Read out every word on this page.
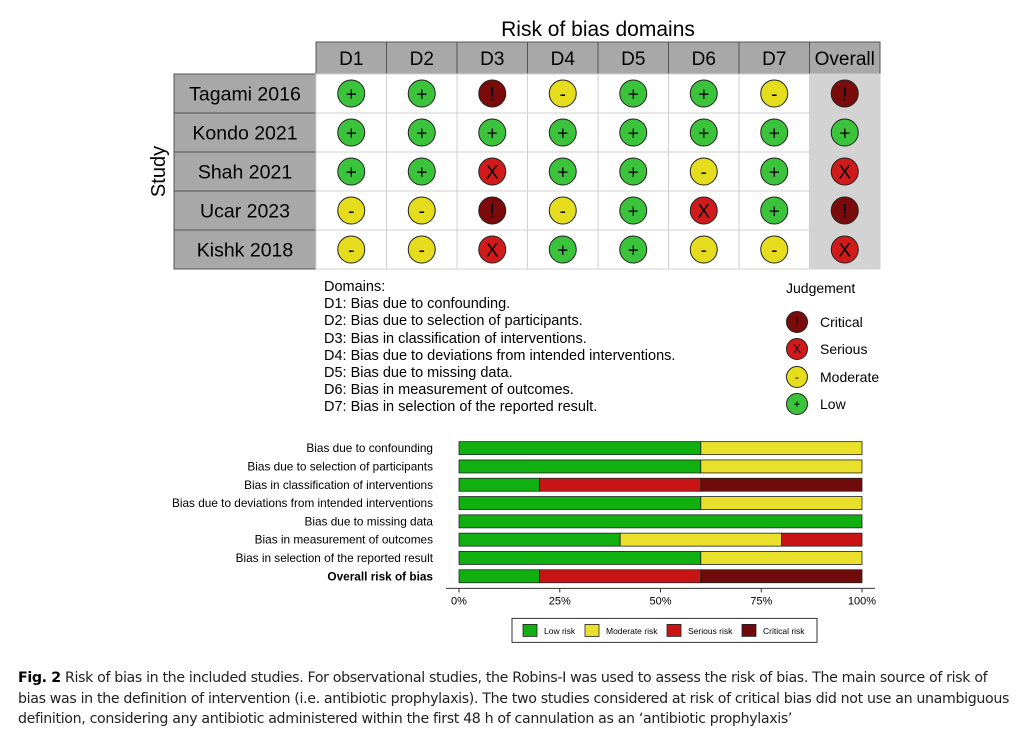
Risk of bias domains
Study
D1 D2 D3 D4 D5 D6 D7 Overall
Tagami 2016 +	+	!	-	+	+	-	!
Kondo 2021	+	+	+	+	+	+	+	+
Shah 2021	+	+	X	+	+	-	+	X
Ucar 2023	-	-	!	-	+	X	+	!
Kishk 2018	-	-	X	+	+	-	-	X
Domains:
D1: Bias due to confounding.
D2: Bias due to selection of participants.
D3: Bias in classification of interventions.
D4: Bias due to deviations from intended interventions.
D5: Bias due to missing data.
D6: Bias in measurement of outcomes.
D7: Bias in selection of the reported result.
Judgement
!	Critical
X	Serious
-	Moderate
+	Low
Bias due to confounding
Bias due to selection of participants
Bias in classification of interventions
Bias due to deviations from intended interventions
Bias due to missing data
Bias in measurement of outcomes
Bias in selection of the reported result
Overall risk of bias
0%	25%	50%	75%	100%
Low risk	Moderate risk	Serious risk	Critical risk
Fig. 2 Risk of bias in the included studies. For observational studies, the Robins-I was used to assess the risk of bias. The main source of risk of bias was in the definition of intervention (i.e. antibiotic prophylaxis). The two studies considered at risk of critical bias did not use an unambiguous definition, considering any antibiotic administered within the first 48 h of cannulation as an ‘antibiotic prophylaxis’
